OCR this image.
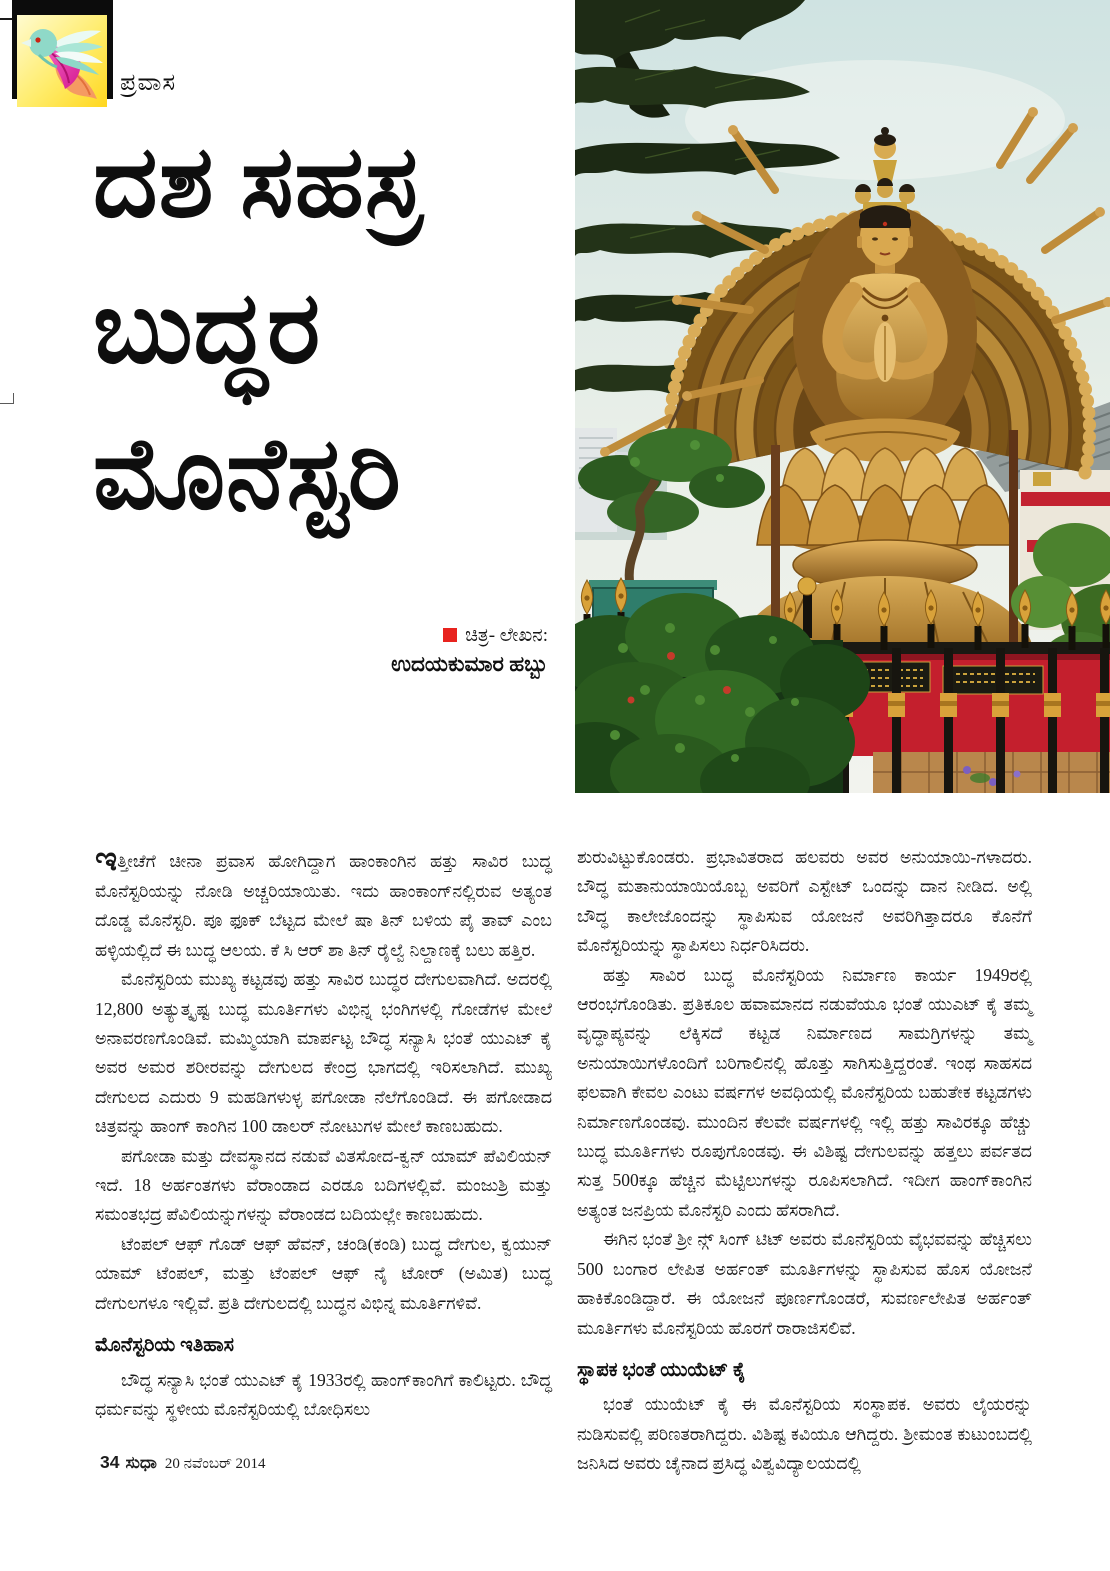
ಪ್ರವಾಸ
ದಶ ಸಹಸ್ರ
ಬುದ್ಧರ
ಮೊನೆಸ್ಟರಿ
ಚಿತ್ರ- ಲೇಖನ:
ಉದಯಕುಮಾರ ಹಬ್ಬು

ಇತ್ತೀಚೆಗೆ ಚೀನಾ ಪ್ರವಾಸ ಹೋಗಿದ್ದಾಗ ಹಾಂಕಾಂಗಿನ ಹತ್ತು ಸಾವಿರ ಬುದ್ಧ ಮೊನೆಸ್ಟರಿಯನ್ನು ನೋಡಿ ಅಚ್ಚರಿಯಾಯಿತು. ಇದು ಹಾಂಕಾಂಗ್‌ನಲ್ಲಿರುವ ಅತ್ಯಂತ ದೊಡ್ಡ ಮೊನೆಸ್ಟರಿ. ಪೂ ಫೂಕ್ ಬೆಟ್ಟದ ಮೇಲೆ ಷಾ ತಿನ್ ಬಳಿಯ ಪೈ ತಾವ್ ಎಂಬ ಹಳ್ಳಿಯಲ್ಲಿದೆ ಈ ಬುದ್ಧ ಆಲಯ. ಕೆ ಸಿ ಆರ್ ಶಾ ತಿನ್ ರೈಲ್ವೆ ನಿಲ್ದಾಣಕ್ಕೆ ಬಲು ಹತ್ತಿರ.

ಮೊನೆಸ್ಟರಿಯ ಮುಖ್ಯ ಕಟ್ಟಡವು ಹತ್ತು ಸಾವಿರ ಬುದ್ಧರ ದೇಗುಲವಾಗಿದೆ. ಅದರಲ್ಲಿ 12,800 ಅತ್ಯುತ್ಕೃಷ್ಟ ಬುದ್ಧ ಮೂರ್ತಿಗಳು ವಿಭಿನ್ನ ಭಂಗಿಗಳಲ್ಲಿ ಗೋಡೆಗಳ ಮೇಲೆ ಅನಾವರಣಗೊಂಡಿವೆ. ಮಮ್ಮಿಯಾಗಿ ಮಾರ್ಪಟ್ಟ ಬೌದ್ಧ ಸನ್ಯಾಸಿ ಭಂತೆ ಯುಎಟ್ ಕೈ ಅವರ ಅಮರ ಶರೀರವನ್ನು ದೇಗುಲದ ಕೇಂದ್ರ ಭಾಗದಲ್ಲಿ ಇರಿಸಲಾಗಿದೆ. ಮುಖ್ಯ ದೇಗುಲದ ಎದುರು 9 ಮಹಡಿಗಳುಳ್ಳ ಪಗೋಡಾ ನೆಲೆಗೊಂಡಿದೆ. ಈ ಪಗೋಡಾದ ಚಿತ್ರವನ್ನು ಹಾಂಗ್ ಕಾಂಗಿನ 100 ಡಾಲರ್ ನೋಟುಗಳ ಮೇಲೆ ಕಾಣಬಹುದು.

ಪಗೋಡಾ ಮತ್ತು ದೇವಸ್ಥಾನದ ನಡುವೆ ವಿತಸೋದ-ಕ್ವನ್ ಯಾಮ್ ಪೆವಿಲಿಯನ್ ಇದೆ. 18 ಅರ್ಹಂತಗಳು ವೆರಾಂಡಾದ ಎರಡೂ ಬದಿಗಳಲ್ಲಿವೆ. ಮಂಜುಶ್ರಿ ಮತ್ತು ಸಮಂತಭದ್ರ ಪೆವಿಲಿಯನ್ನುಗಳನ್ನು ವೆರಾಂಡದ ಬದಿಯಲ್ಲೇ ಕಾಣಬಹುದು.

ಟೆಂಪಲ್ ಆಫ್ ಗೊಡ್ ಆಫ್ ಹೆವನ್, ಚಂಡಿ(ಕಂಡಿ) ಬುದ್ಧ ದೇಗುಲ, ಕ್ವಯುನ್ ಯಾಮ್ ಟೆಂಪಲ್, ಮತ್ತು ಟೆಂಪಲ್ ಆಫ್ ನೈ ಟೋರ್ (ಅಮಿತ) ಬುದ್ಧ ದೇಗುಲಗಳೂ ಇಲ್ಲಿವೆ. ಪ್ರತಿ ದೇಗುಲದಲ್ಲಿ ಬುದ್ಧನ ವಿಭಿನ್ನ ಮೂರ್ತಿಗಳಿವೆ.

ಮೊನೆಸ್ಟರಿಯ ಇತಿಹಾಸ

ಬೌದ್ಧ ಸನ್ಯಾಸಿ ಭಂತೆ ಯುಎಟ್ ಕೈ 1933ರಲ್ಲಿ ಹಾಂಗ್‌ಕಾಂಗಿಗೆ ಕಾಲಿಟ್ಟರು. ಬೌದ್ಧ ಧರ್ಮವನ್ನು ಸ್ಥಳೀಯ ಮೊನೆಸ್ಟರಿಯಲ್ಲಿ ಬೋಧಿಸಲು

ಶುರುವಿಟ್ಟುಕೊಂಡರು. ಪ್ರಭಾವಿತರಾದ ಹಲವರು ಅವರ ಅನುಯಾಯಿ-ಗಳಾದರು. ಬೌದ್ಧ ಮತಾನುಯಾಯಿಯೊಬ್ಬ ಅವರಿಗೆ ಎಸ್ಟೇಟ್ ಒಂದನ್ನು ದಾನ ನೀಡಿದ. ಅಲ್ಲಿ ಬೌದ್ಧ ಕಾಲೇಜೊಂದನ್ನು ಸ್ಥಾಪಿಸುವ ಯೋಜನೆ ಅವರಿಗಿತ್ತಾದರೂ ಕೊನೆಗೆ ಮೊನೆಸ್ಟರಿಯನ್ನು ಸ್ಥಾಪಿಸಲು ನಿರ್ಧರಿಸಿದರು.

ಹತ್ತು ಸಾವಿರ ಬುದ್ಧ ಮೊನೆಸ್ಟರಿಯ ನಿರ್ಮಾಣ ಕಾರ್ಯ 1949ರಲ್ಲಿ ಆರಂಭಗೊಂಡಿತು. ಪ್ರತಿಕೂಲ ಹವಾಮಾನದ ನಡುವೆಯೂ ಭಂತೆ ಯುಎಟ್ ಕೈ ತಮ್ಮ ವೃದ್ಧಾಪ್ಯವನ್ನು ಲೆಕ್ಕಿಸದೆ ಕಟ್ಟಡ ನಿರ್ಮಾಣದ ಸಾಮಗ್ರಿಗಳನ್ನು ತಮ್ಮ ಅನುಯಾಯಿಗಳೊಂದಿಗೆ ಬರಿಗಾಲಿನಲ್ಲಿ ಹೊತ್ತು ಸಾಗಿಸುತ್ತಿದ್ದರಂತೆ. ಇಂಥ ಸಾಹಸದ ಫಲವಾಗಿ ಕೇವಲ ಎಂಟು ವರ್ಷಗಳ ಅವಧಿಯಲ್ಲಿ ಮೊನೆಸ್ಟರಿಯ ಬಹುತೇಕ ಕಟ್ಟಡಗಳು ನಿರ್ಮಾಣಗೊಂಡವು. ಮುಂದಿನ ಕೆಲವೇ ವರ್ಷಗಳಲ್ಲಿ ಇಲ್ಲಿ ಹತ್ತು ಸಾವಿರಕ್ಕೂ ಹೆಚ್ಚು ಬುದ್ಧ ಮೂರ್ತಿಗಳು ರೂಪುಗೊಂಡವು. ಈ ವಿಶಿಷ್ಟ ದೇಗುಲವನ್ನು ಹತ್ತಲು ಪರ್ವತದ ಸುತ್ತ 500ಕ್ಕೂ ಹೆಚ್ಚಿನ ಮೆಟ್ಟಿಲುಗಳನ್ನು ರೂಪಿಸಲಾಗಿದೆ. ಇದೀಗ ಹಾಂಗ್‌ಕಾಂಗಿನ ಅತ್ಯಂತ ಜನಪ್ರಿಯ ಮೊನೆಸ್ಟರಿ ಎಂದು ಹೆಸರಾಗಿದೆ.

ಈಗಿನ ಭಂತೆ ಶ್ರೀ ನ್ಗ್ ಸಿಂಗ್ ಟಿಟ್ ಅವರು ಮೊನೆಸ್ಟರಿಯ ವೈಭವವನ್ನು ಹೆಚ್ಚಿಸಲು 500 ಬಂಗಾರ ಲೇಪಿತ ಅರ್ಹಂತ್ ಮೂರ್ತಿಗಳನ್ನು ಸ್ಥಾಪಿಸುವ ಹೊಸ ಯೋಜನೆ ಹಾಕಿಕೊಂಡಿದ್ದಾರೆ. ಈ ಯೋಜನೆ ಪೂರ್ಣಗೊಂಡರೆ, ಸುವರ್ಣಲೇಪಿತ ಅರ್ಹಂತ್ ಮೂರ್ತಿಗಳು ಮೊನೆಸ್ಟರಿಯ ಹೊರಗೆ ರಾರಾಜಿಸಲಿವೆ.

ಸ್ಥಾಪಕ ಭಂತೆ ಯುಯೆಟ್ ಕೈ

ಭಂತೆ ಯುಯೆಟ್ ಕೈ ಈ ಮೊನೆಸ್ಟರಿಯ ಸಂಸ್ಥಾಪಕ. ಅವರು ಲೈಯರನ್ನು ನುಡಿಸುವಲ್ಲಿ ಪರಿಣತರಾಗಿದ್ದರು. ವಿಶಿಷ್ಟ ಕವಿಯೂ ಆಗಿದ್ದರು. ಶ್ರೀಮಂತ ಕುಟುಂಬದಲ್ಲಿ ಜನಿಸಿದ ಅವರು ಚೈನಾದ ಪ್ರಸಿದ್ಧ ವಿಶ್ವವಿದ್ಯಾಲಯದಲ್ಲಿ

34 ಸುಧಾ 20 ನವೆಂಬರ್ 2014
